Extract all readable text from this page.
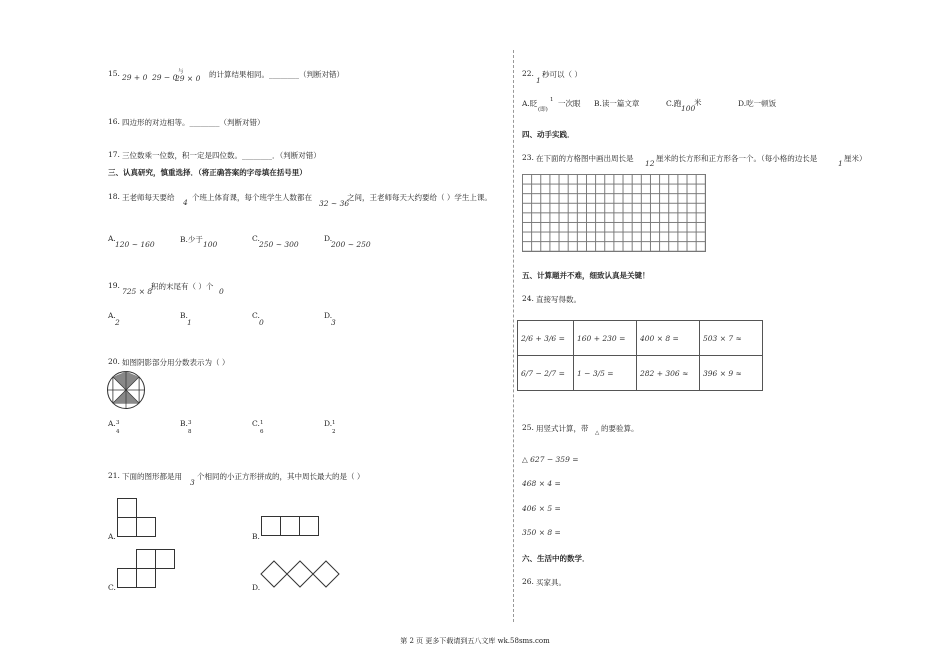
15. 29 + 0 29 − 0
与
29 × 0 的计算结果相同。________（判断对错）
16. 四边形的对边相等。________（判断对错）
17. 三位数乘一位数，积一定是四位数。________．（判断对错）
三、认真研究，慎重选择．（将正确答案的字母填在括号里）
18. 王老师每天要给
4
个班上体育课，每个班学生人数都在
32 ~ 36
之间，王老师每天大约要给（ ）学生上课。
A.
120 ~ 160
B.少于
100
C.
250 ~ 300
D.
200 ~ 250
19.
725 × 8
积的末尾有（ ）个
0
A.
2
B.
1
C.
0
D.
3
20. 如图阴影部分用分数表示为（ ）
A. 3
4
B. 3
8
C. 1
6
D. 1
2
21. 下面的图形都是用
3
个相同的小正方形拼成的，其中周长最大的是（ ）
A.	B.
C.	D.
22.
1
秒可以（ ）
A.眨 1
(即)
一次眼 B.读一篇文章	C.跑
100
米	D.吃一顿饭
四、动手实践．
23. 在下面的方格图中画出周长是
12
厘米的长方形和正方形各一个。（每小格的边长是
1
厘米）
五、计算题并不难，细致认真是关键！
24. 直接写得数。
2/6 + 3/6 =	160 + 230 =	400 × 8 =	503 × 7 ≈
6/7 − 2/7 =	1 − 3/5 =	282 + 306 ≈	396 × 9 ≈
25. 用竖式计算，带 △ 的要验算。
△ 627 − 359 =
468 × 4 =
406 × 5 =
350 × 8 =
六、生活中的数学．
26. 买家具。
第 2 页 更多下载请到五八文库 wk.58sms.com
